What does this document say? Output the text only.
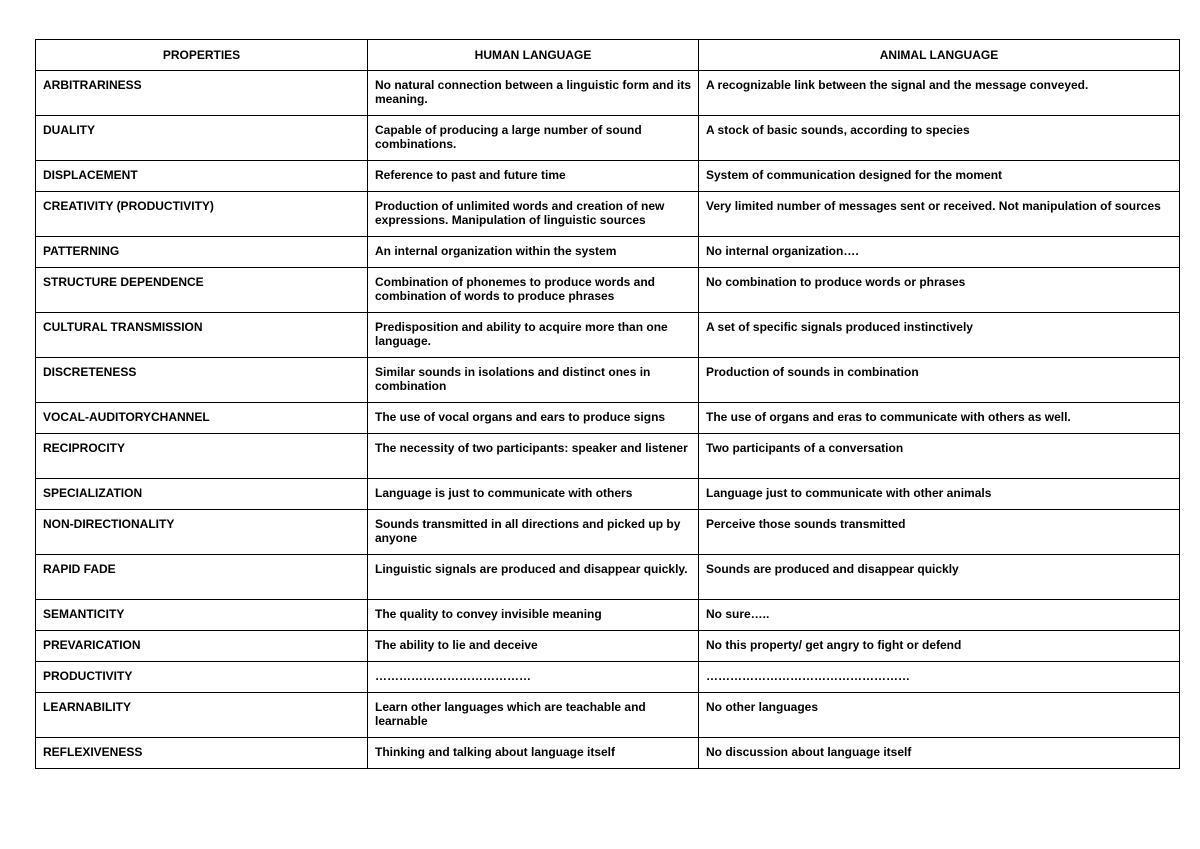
PROPERTIES	HUMAN LANGUAGE	ANIMAL LANGUAGE
ARBITRARINESS	No natural connection between a linguistic form and its meaning.	A recognizable link between the signal and the message conveyed.
DUALITY	Capable of producing a large number of sound combinations.	A stock of basic sounds, according to species
DISPLACEMENT	Reference to past and future time	System of communication designed for the moment
CREATIVITY (PRODUCTIVITY)	Production of unlimited words and creation of new expressions. Manipulation of linguistic sources	Very limited number of messages sent or received. Not manipulation of sources
PATTERNING	An internal organization within the system	No internal organization….
STRUCTURE DEPENDENCE	Combination of phonemes to produce words and combination of words to produce phrases	No combination to produce words or phrases
CULTURAL TRANSMISSION	Predisposition and ability to acquire more than one language.	A set of specific signals produced instinctively
DISCRETENESS	Similar sounds in isolations and distinct ones in combination	Production of sounds in combination
VOCAL-AUDITORYCHANNEL	The use of vocal organs and ears to produce signs	The use of organs and eras to communicate with others as well.
RECIPROCITY	The necessity of two participants: speaker and listener	Two participants of a conversation
SPECIALIZATION	Language is just to communicate with others	Language just to communicate with other animals
NON-DIRECTIONALITY	Sounds transmitted in all directions and picked up by anyone	Perceive those sounds transmitted
RAPID FADE	Linguistic signals are produced and disappear quickly.	Sounds are produced and disappear quickly
SEMANTICITY	The quality to convey invisible meaning	No sure…..
PREVARICATION	The ability to lie and deceive	No this property/ get angry to fight or defend
PRODUCTIVITY	…………………………………	……………………………………………
LEARNABILITY	Learn other languages which are teachable and learnable	No other languages
REFLEXIVENESS	Thinking and talking about language itself	No discussion about language itself
